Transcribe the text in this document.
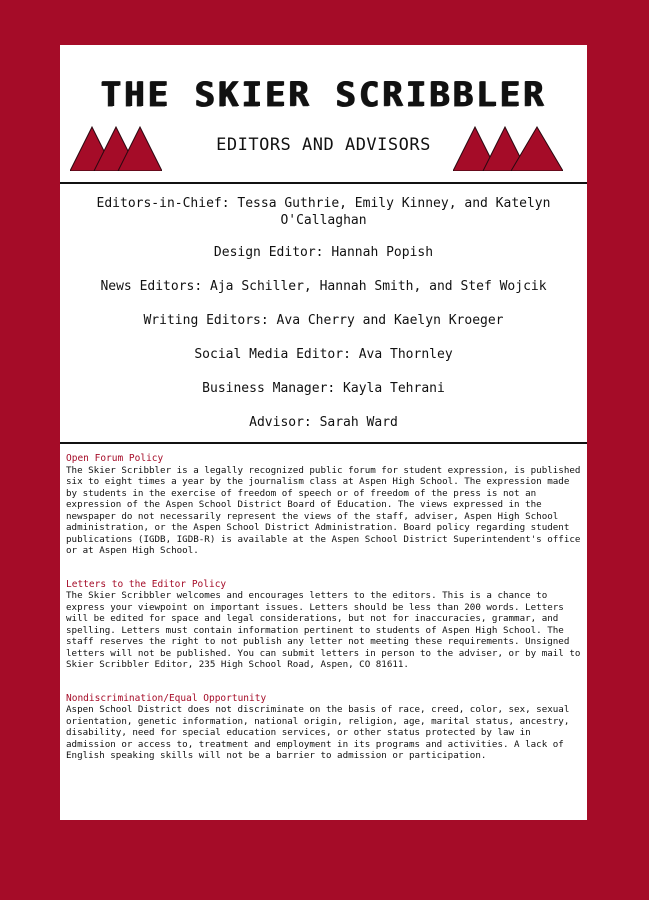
THE SKIER SCRIBBLER
EDITORS AND ADVISORS

Editors-in-Chief: Tessa Guthrie, Emily Kinney, and Katelyn O'Callaghan

Design Editor: Hannah Popish

News Editors: Aja Schiller, Hannah Smith, and Stef Wojcik

Writing Editors: Ava Cherry and Kaelyn Kroeger

Social Media Editor: Ava Thornley

Business Manager: Kayla Tehrani

Advisor: Sarah Ward

Open Forum Policy

The Skier Scribbler is a legally recognized public forum for student expression, is published six to eight times a year by the journalism class at Aspen High School. The expression made by students in the exercise of freedom of speech or of freedom of the press is not an expression of the Aspen School District Board of Education. The views expressed in the newspaper do not necessarily represent the views of the staff, adviser, Aspen High School administration, or the Aspen School District Administration. Board policy regarding student publications (IGDB, IGDB-R) is available at the Aspen School District Superintendent's office or at Aspen High School.

Letters to the Editor Policy

The Skier Scribbler welcomes and encourages letters to the editors. This is a chance to express your viewpoint on important issues. Letters should be less than 200 words. Letters will be edited for space and legal considerations, but not for inaccuracies, grammar, and spelling. Letters must contain information pertinent to students of Aspen High School. The staff reserves the right to not publish any letter not meeting these requirements. Unsigned letters will not be published. You can submit letters in person to the adviser, or by mail to Skier Scribbler Editor, 235 High School Road, Aspen, CO 81611.

Nondiscrimination/Equal Opportunity

Aspen School District does not discriminate on the basis of race, creed, color, sex, sexual orientation, genetic information, national origin, religion, age, marital status, ancestry, disability, need for special education services, or other status protected by law in admission or access to, treatment and employment in its programs and activities. A lack of English speaking skills will not be a barrier to admission or participation.
